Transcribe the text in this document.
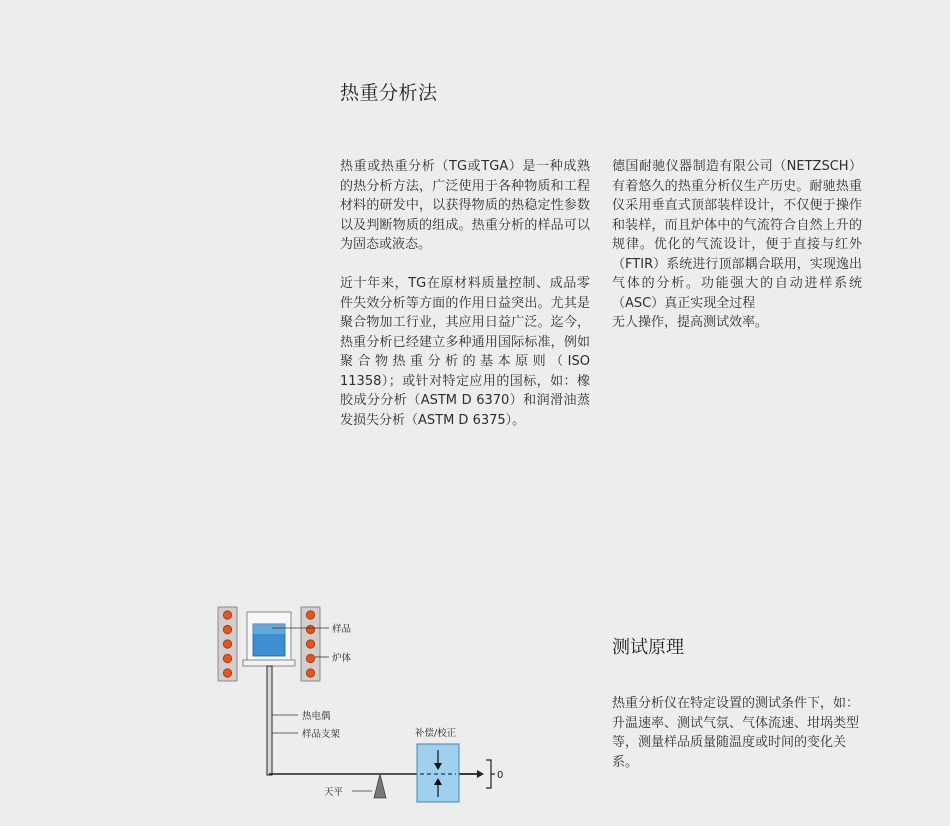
热重分析法

热重或热重分析（TG或TGA）是一种成熟的热分析方法，广泛使用于各种物质和工程材料的研发中，以获得物质的热稳定性参数以及判断物质的组成。热重分析的样品可以为固态或液态。

近十年来，TG在原材料质量控制、成品零件失效分析等方面的作用日益突出。尤其是聚合物加工行业，其应用日益广泛。迄今，热重分析已经建立多种通用国际标准，例如聚合物热重分析的基本原则（ISO 11358）；或针对特定应用的国标，如：橡胶成分分析（ASTM D 6370）和润滑油蒸发损失分析（ASTM D 6375）。

德国耐驰仪器制造有限公司（NETZSCH）有着悠久的热重分析仪生产历史。耐驰热重仪采用垂直式顶部装样设计，不仅便于操作和装样，而且炉体中的气流符合自然上升的规律。优化的气流设计，便于直接与红外（FTIR）系统进行顶部耦合联用，实现逸出气体的分析。功能强大的自动进样系统（ASC）真正实现全过程

无人操作，提高测试效率。

测试原理

热重分析仪在特定设置的测试条件下，如：升温速率、测试气氛、气体流速、坩埚类型等，测量样品质量随温度或时间的变化关系。

样品
炉体
热电偶
样品支架	补偿/校正
天平
0
